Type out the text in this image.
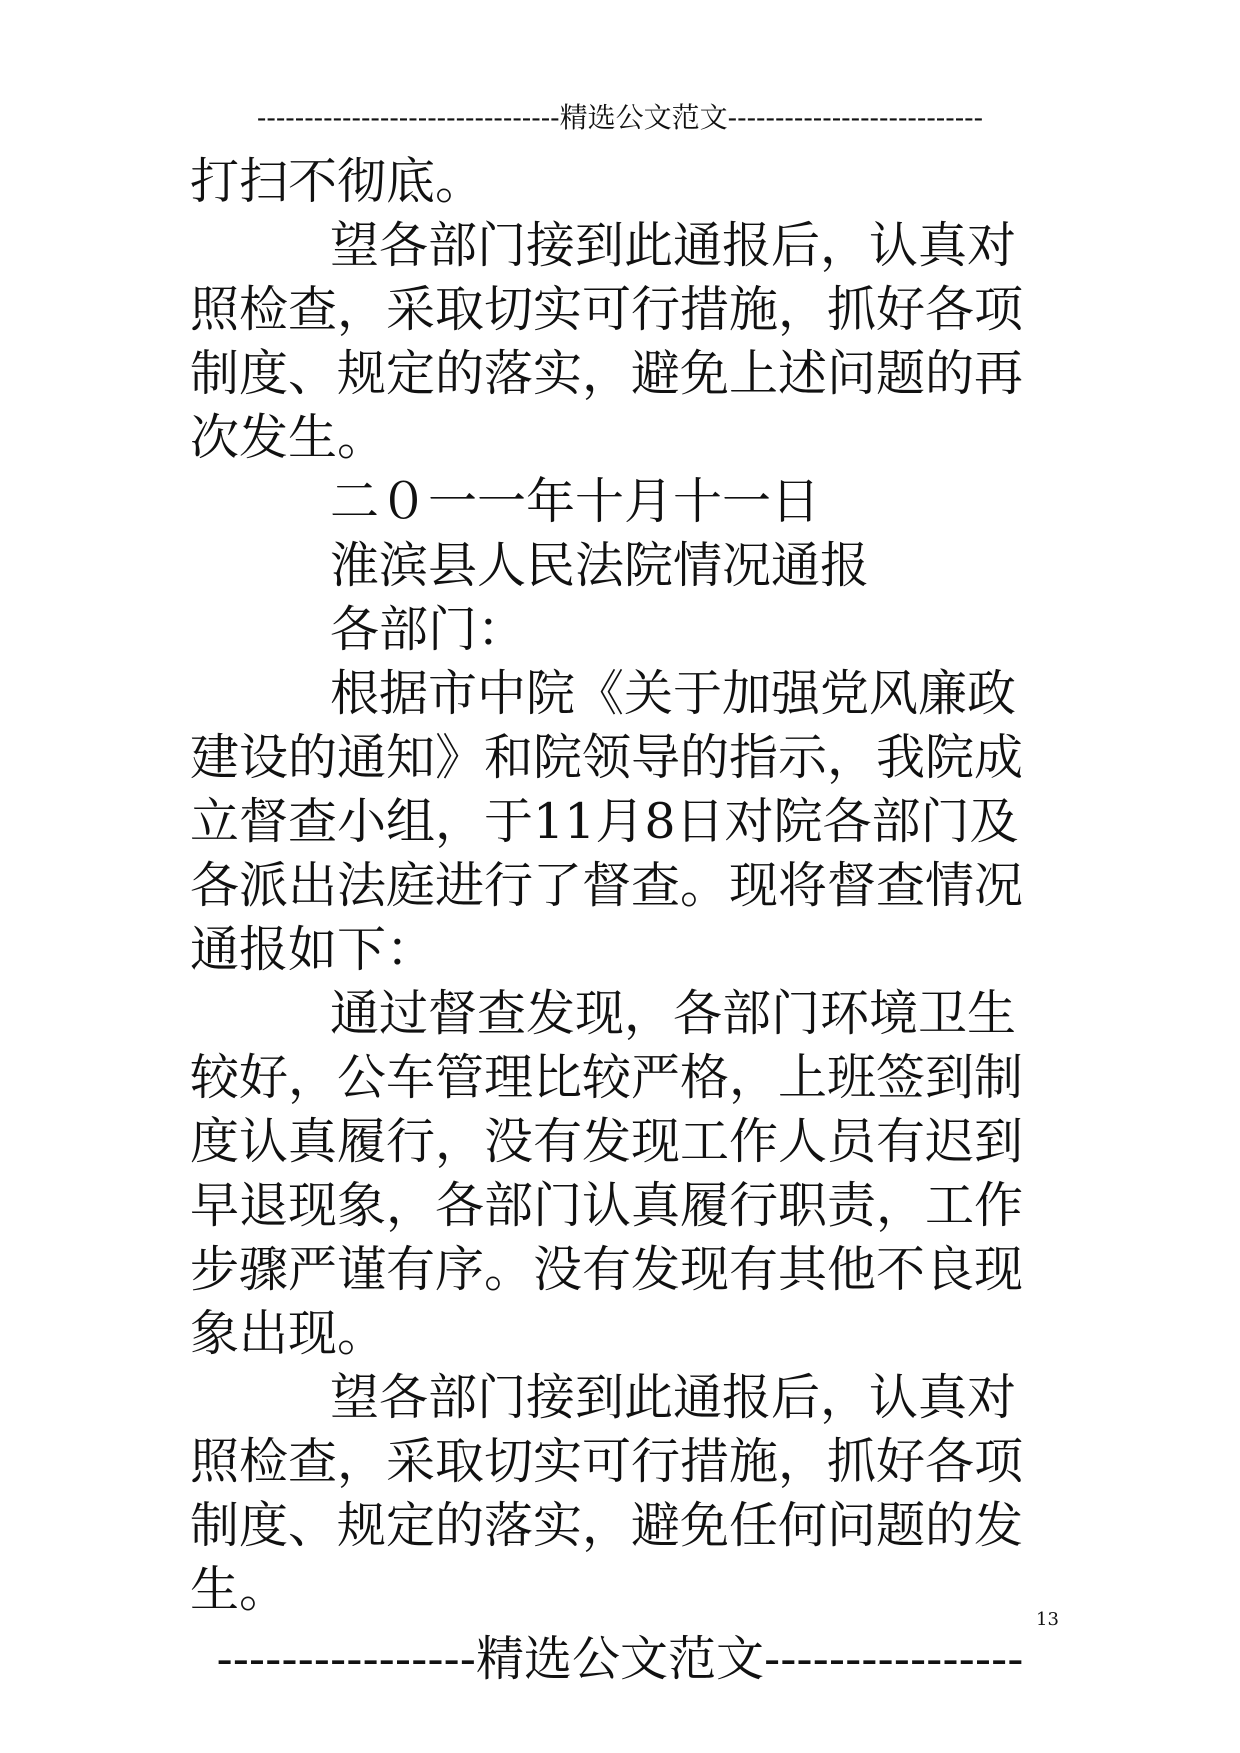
--------------------------------精选公文范文---------------------------

打扫不彻底。

望各部门接到此通报后，认真对照检查，采取切实可行措施，抓好各项制度、规定的落实，避免上述问题的再次发生。

二０一一年十月十一日

淮滨县人民法院情况通报

各部门：

根据市中院《关于加强党风廉政建设的通知》和院领导的指示，我院成立督查小组，于11月8日对院各部门及各派出法庭进行了督查。现将督查情况通报如下：

通过督查发现，各部门环境卫生较好，公车管理比较严格，上班签到制度认真履行，没有发现工作人员有迟到早退现象，各部门认真履行职责，工作步骤严谨有序。没有发现有其他不良现象出现。

望各部门接到此通报后，认真对照检查，采取切实可行措施，抓好各项制度、规定的落实，避免任何问题的发生。

13
----------------精选公文范文----------------
